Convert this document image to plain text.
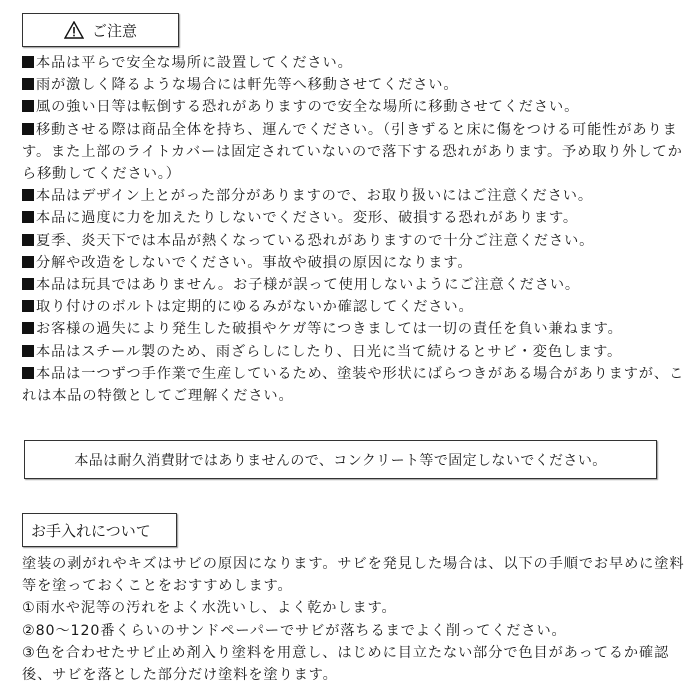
ご注意

本品は平らで安全な場所に設置してください。

雨が激しく降るような場合には軒先等へ移動させてください。

風の強い日等は転倒する恐れがありますので安全な場所に移動させてください。

移動させる際は商品全体を持ち、運んでください。（引きずると床に傷をつける可能性があります。また上部のライトカバーは固定されていないので落下する恐れがあります。予め取り外してから移動してください。）

本品はデザイン上とがった部分がありますので、お取り扱いにはご注意ください。

本品に過度に力を加えたりしないでください。変形、破損する恐れがあります。

夏季、炎天下では本品が熱くなっている恐れがありますので十分ご注意ください。

分解や改造をしないでください。事故や破損の原因になります。

本品は玩具ではありません。お子様が誤って使用しないようにご注意ください。

取り付けのボルトは定期的にゆるみがないか確認してください。

お客様の過失により発生した破損やケガ等につきましては一切の責任を負い兼ねます。

本品はスチール製のため、雨ざらしにしたり、日光に当て続けるとサビ・変色します。

本品は一つずつ手作業で生産しているため、塗装や形状にばらつきがある場合がありますが、これは本品の特徴としてご理解ください。

本品は耐久消費財ではありませんので、コンクリート等で固定しないでください。
お手入れについて

塗装の剥がれやキズはサビの原因になります。サビを発見した場合は、以下の手順でお早めに塗料等を塗っておくことをおすすめします。

①雨水や泥等の汚れをよく水洗いし、よく乾かします。

②80〜120番くらいのサンドペーパーでサビが落ちるまでよく削ってください。

③色を合わせたサビ止め剤入り塗料を用意し、はじめに目立たない部分で色目があってるか確認後、サビを落とした部分だけ塗料を塗ります。
